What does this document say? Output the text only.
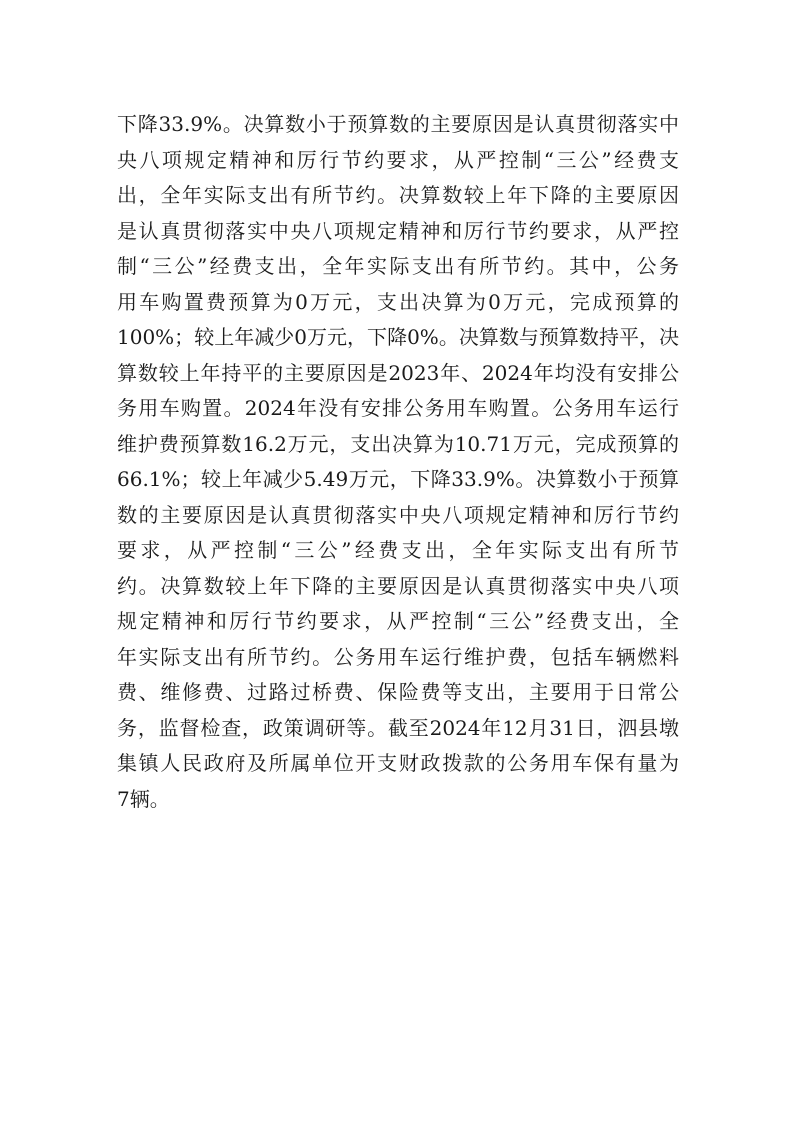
下降33.9%。决算数小于预算数的主要原因是认真贯彻落实中
央八项规定精神和厉行节约要求，从严控制“三公”经费支
出，全年实际支出有所节约。决算数较上年下降的主要原因
是认真贯彻落实中央八项规定精神和厉行节约要求，从严控
制“三公”经费支出，全年实际支出有所节约。其中，公务
用车购置费预算为0万元，支出决算为0万元，完成预算的
100%；较上年减少0万元，下降0%。决算数与预算数持平，决
算数较上年持平的主要原因是2023年、2024年均没有安排公
务用车购置。2024年没有安排公务用车购置。公务用车运行
维护费预算数16.2万元，支出决算为10.71万元，完成预算的
66.1%；较上年减少5.49万元，下降33.9%。决算数小于预算
数的主要原因是认真贯彻落实中央八项规定精神和厉行节约
要求，从严控制“三公”经费支出，全年实际支出有所节
约。决算数较上年下降的主要原因是认真贯彻落实中央八项
规定精神和厉行节约要求，从严控制“三公”经费支出，全
年实际支出有所节约。公务用车运行维护费，包括车辆燃料
费、维修费、过路过桥费、保险费等支出，主要用于日常公
务，监督检查，政策调研等。截至2024年12月31日，泗县墩
集镇人民政府及所属单位开支财政拨款的公务用车保有量为
7辆。
